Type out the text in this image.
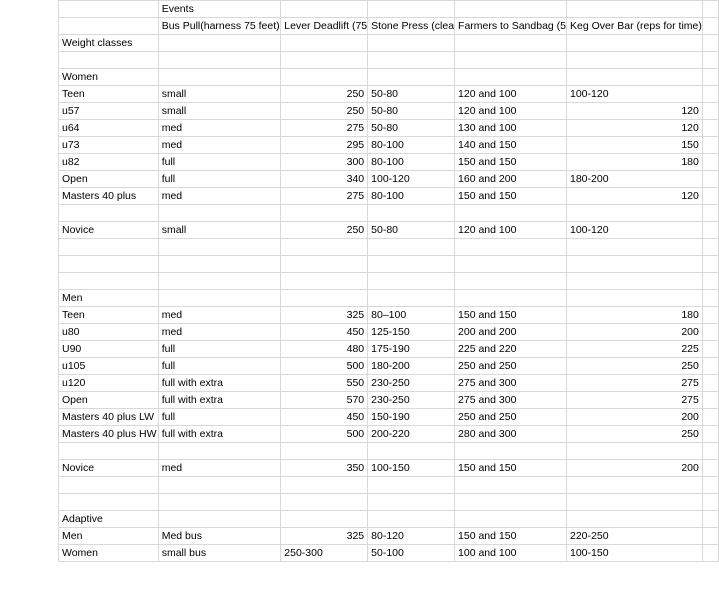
	Events					
	Bus Pull(harness 75 feet)	Lever Deadlift (75	Stone Press (clea	Farmers to Sandbag (5	Keg Over Bar (reps for time)	
Weight classes						

Women						
Teen	small	250	50-80	120 and 100	100-120	
u57	small	250	50-80	120 and 100	120	
u64	med	275	50-80	130 and 100	120	
u73	med	295	80-100	140 and 150	150	
u82	full	300	80-100	150 and 150	180	
Open	full	340	100-120	160 and 200	180-200	
Masters 40 plus	med	275	80-100	150 and 150	120	

Novice	small	250	50-80	120 and 100	100-120	

Men						
Teen	med	325	80–100	150 and 150	180	
u80	med	450	125-150	200 and 200	200	
U90	full	480	175-190	225 and 220	225	
u105	full	500	180-200	250 and 250	250	
u120	full with extra	550	230-250	275 and 300	275	
Open	full with extra	570	230-250	275 and 300	275	
Masters 40 plus LW	full	450	150-190	250 and 250	200	
Masters 40 plus HW	full with extra	500	200-220	280 and 300	250	

Novice	med	350	100-150	150 and 150	200	

Adaptive						
Men	Med bus	325	80-120	150 and 150	220-250	
Women	small bus	250-300	50-100	100 and 100	100-150	
